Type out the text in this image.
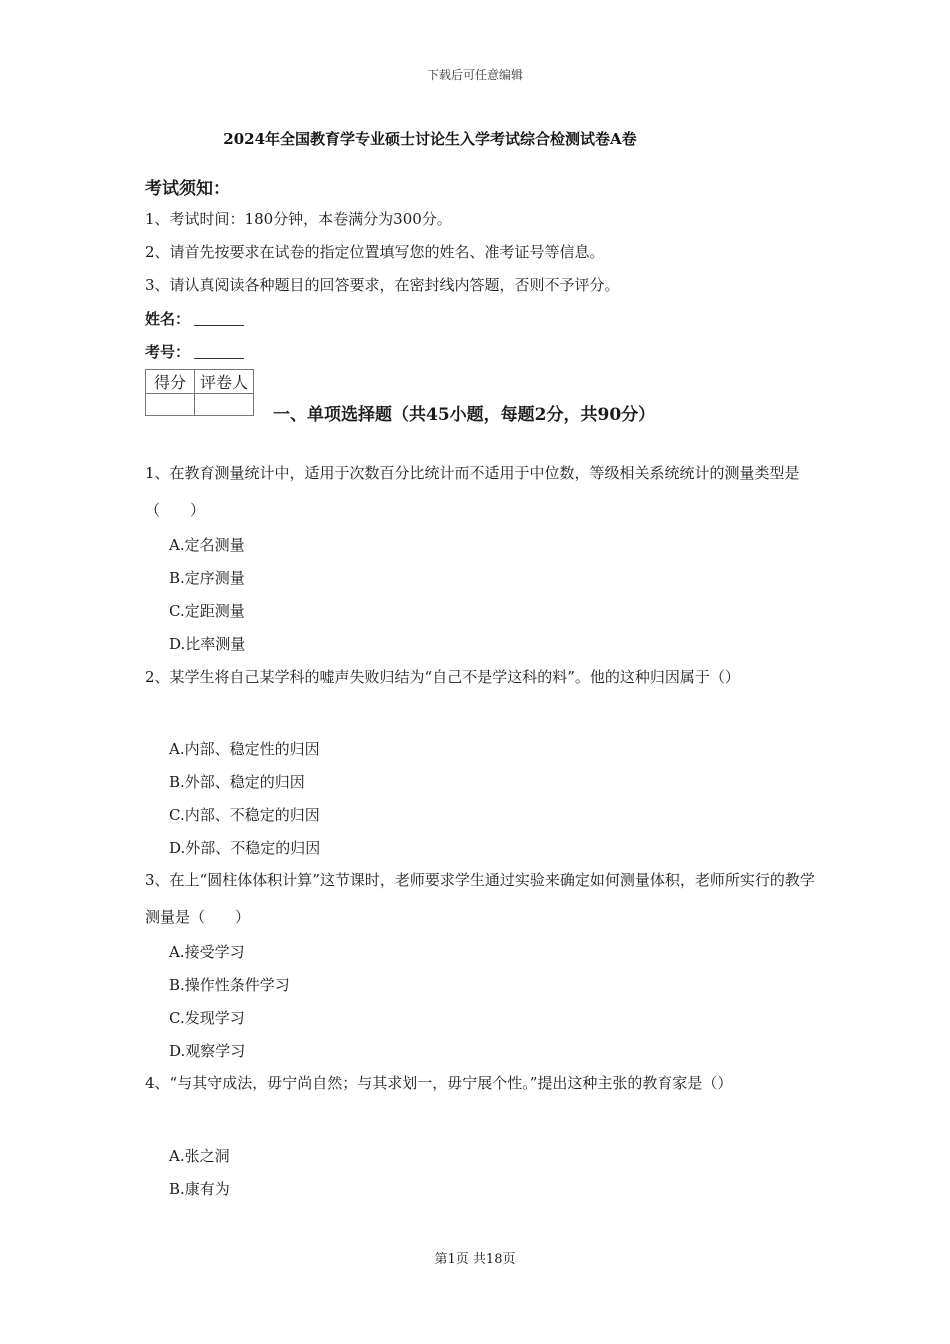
下载后可任意编辑
2024年全国教育学专业硕士讨论生入学考试综合检测试卷A卷
考试须知：
1、考试时间：180分钟，本卷满分为300分。
2、请首先按要求在试卷的指定位置填写您的姓名、准考证号等信息。
3、请认真阅读各种题目的回答要求，在密封线内答题，否则不予评分。
姓名：
考号：
得分	评卷人

一、单项选择题（共45小题，每题2分，共90分）
1、在教育测量统计中，适用于次数百分比统计而不适用于中位数，等级相关系统统计的测量类型是（　　）
A.定名测量
B.定序测量
C.定距测量
D.比率测量
2、某学生将自己某学科的嘘声失败归结为“自己不是学这科的料”。他的这种归因属于（）
A.内部、稳定性的归因
B.外部、稳定的归因
C.内部、不稳定的归因
D.外部、不稳定的归因
3、在上“圆柱体体积计算”这节课时，老师要求学生通过实验来确定如何测量体积，老师所实行的教学测量是（　　）
A.接受学习
B.操作性条件学习
C.发现学习
D.观察学习
4、“与其守成法，毋宁尚自然；与其求划一，毋宁展个性。”提出这种主张的教育家是（）
A.张之洞
B.康有为
第1页 共18页
